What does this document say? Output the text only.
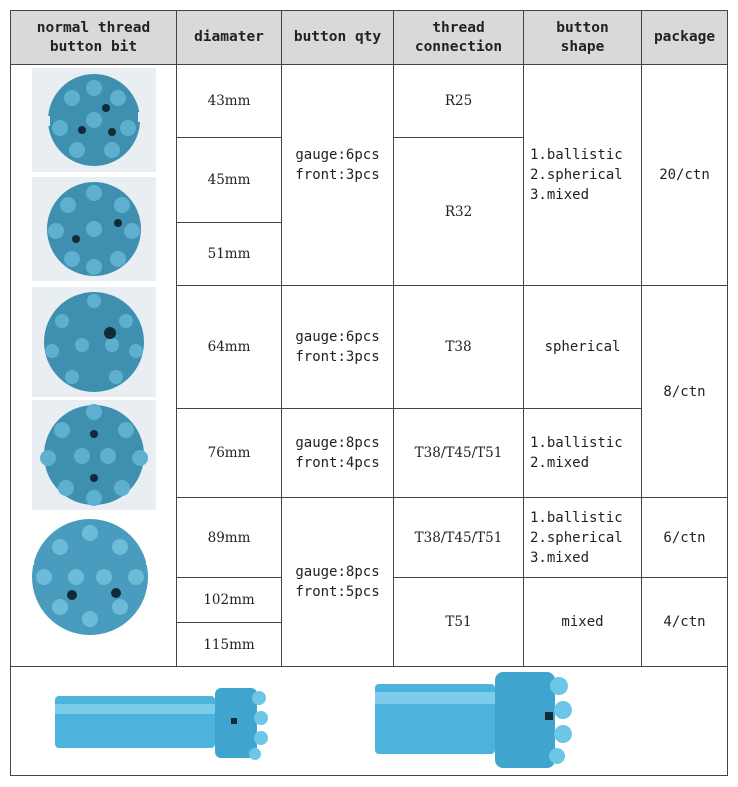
normal thread
button bit
diamater	button qty
thread
connection
button
shape
package
43mm
45mm
51mm
64mm
76mm
89mm
102mm
115mm
gauge:6pcs
front:3pcs
gauge:6pcs
front:3pcs
gauge:8pcs
front:4pcs
gauge:8pcs
front:5pcs
R25
R32
T38
T38/T45/T51
T38/T45/T51
T51
1.ballistic
2.spherical
3.mixed
spherical
1.ballistic
2.mixed
1.ballistic
2.spherical
3.mixed
mixed
20/ctn
8/ctn
6/ctn
4/ctn
